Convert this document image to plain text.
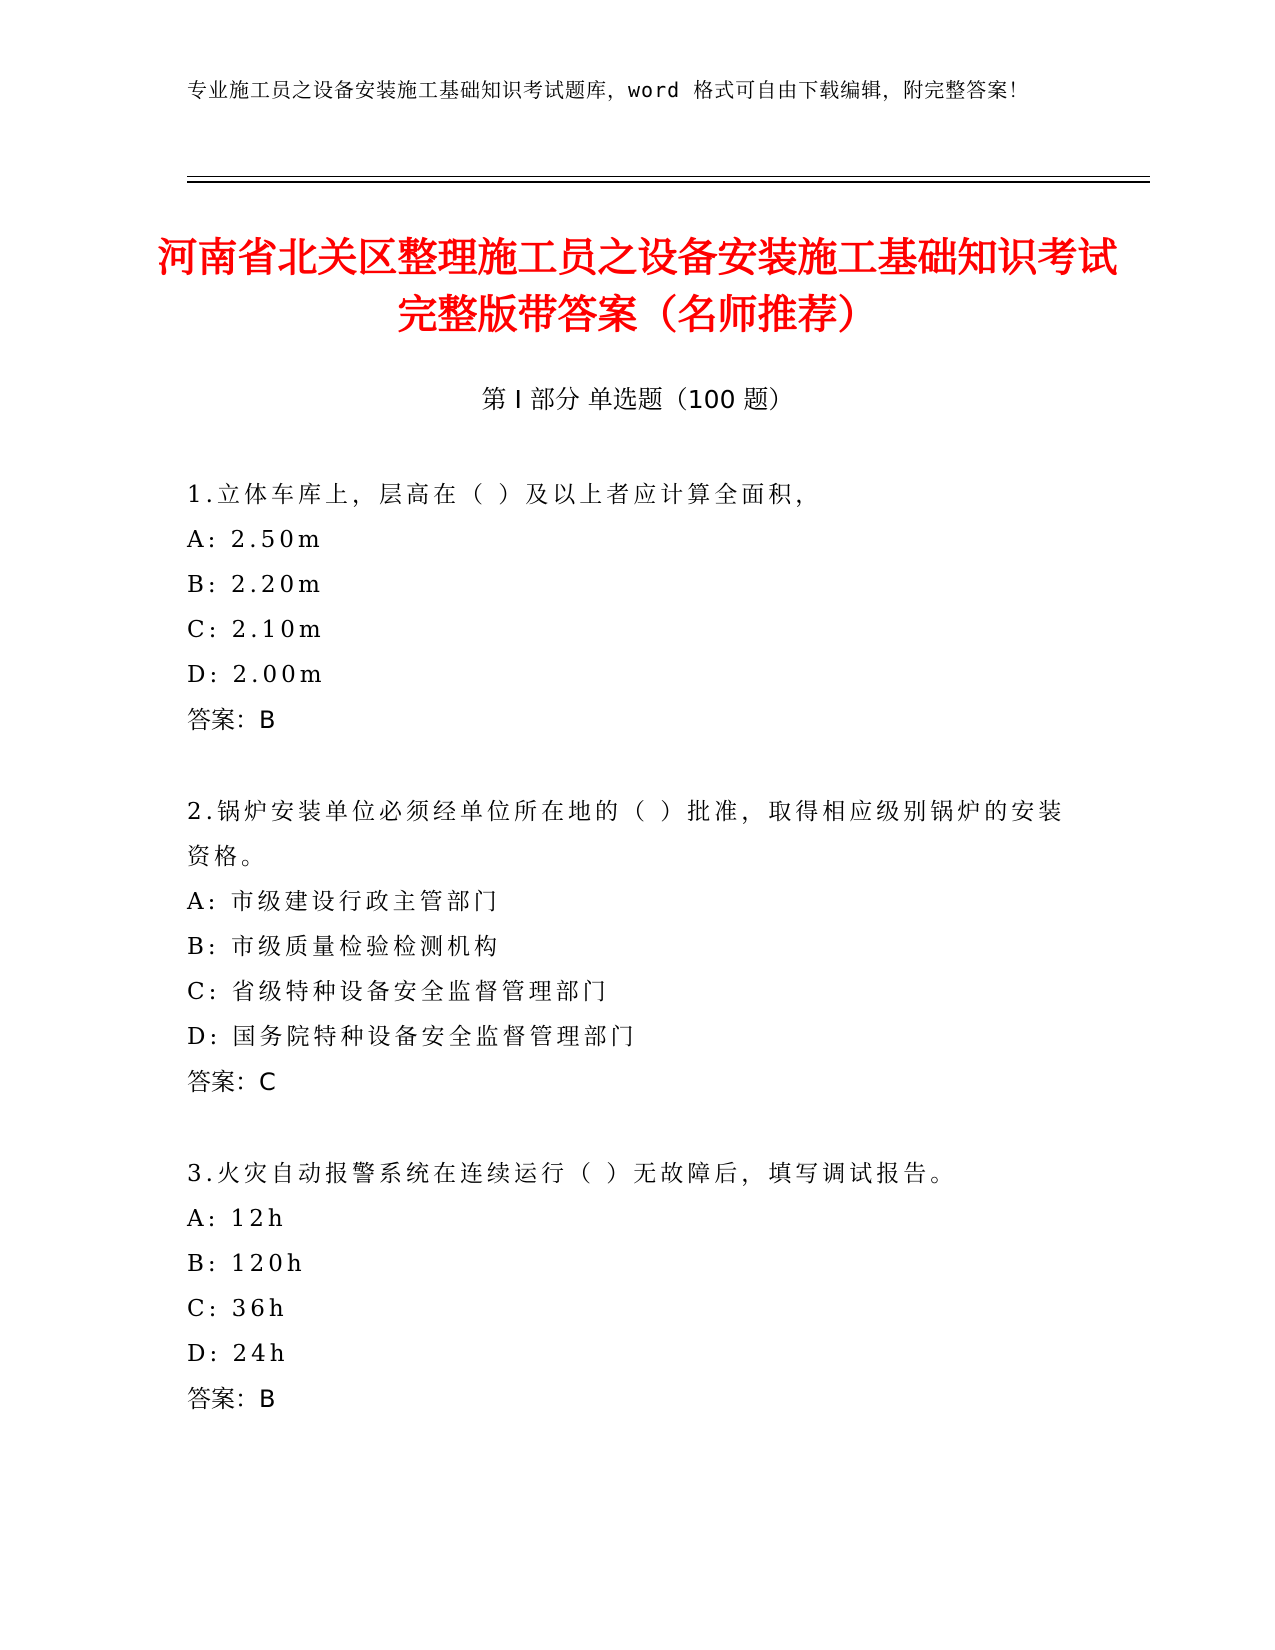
专业施工员之设备安装施工基础知识考试题库，word 格式可自由下载编辑，附完整答案！
河南省北关区整理施工员之设备安装施工基础知识考试完整版带答案（名师推荐）
第 I 部分 单选题（100 题）
1.立体车库上，层高在（ ）及以上者应计算全面积，
A: 2.50m
B: 2.20m
C: 2.10m
D: 2.00m
答案：B
2.锅炉安装单位必须经单位所在地的（ ）批准，取得相应级别锅炉的安装资格。
A: 市级建设行政主管部门
B: 市级质量检验检测机构
C: 省级特种设备安全监督管理部门
D: 国务院特种设备安全监督管理部门
答案：C
3.火灾自动报警系统在连续运行（ ）无故障后，填写调试报告。
A: 12h
B: 120h
C: 36h
D: 24h
答案：B
